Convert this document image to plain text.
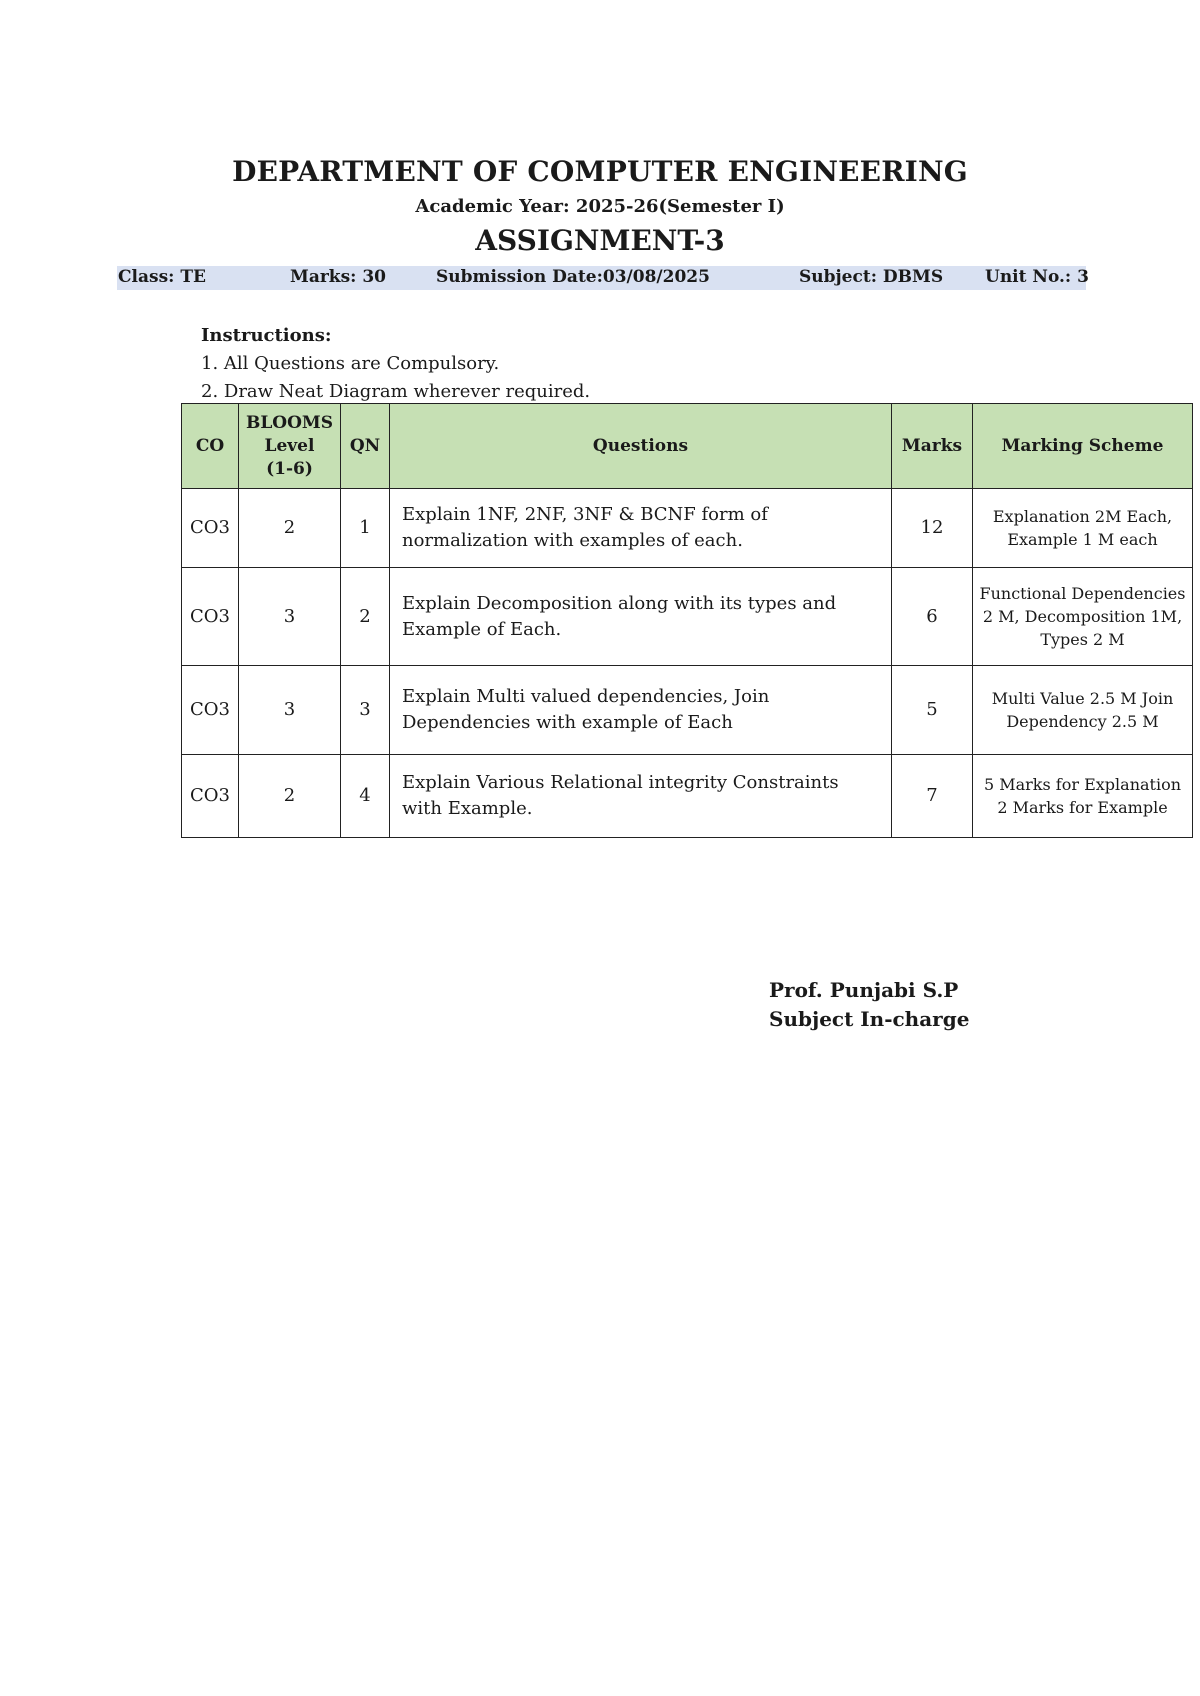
DEPARTMENT OF COMPUTER ENGINEERING
Academic Year: 2025-26(Semester I)
ASSIGNMENT-3
Class: TE	Marks: 30	Submission Date:03/08/2025	Subject: DBMS Unit No.: 3
Instructions:
1. All Questions are Compulsory.
2. Draw Neat Diagram wherever required.
CO	BLOOMS
Level
(1-6)	QN	Questions	Marks	Marking Scheme
CO3	2	1	Explain 1NF, 2NF, 3NF & BCNF form of normalization with examples of each.	12	Explanation 2M Each, Example 1 M each
CO3	3	2	Explain Decomposition along with its types and Example of Each.	6	Functional Dependencies 2 M, Decomposition 1M, Types 2 M
CO3	3	3	Explain Multi valued dependencies, Join Dependencies with example of Each	5	Multi Value 2.5 M Join Dependency 2.5 M
CO3	2	4	Explain Various Relational integrity Constraints with Example.	7	5 Marks for Explanation 2 Marks for Example
Prof. Punjabi S.P
Subject In-charge
